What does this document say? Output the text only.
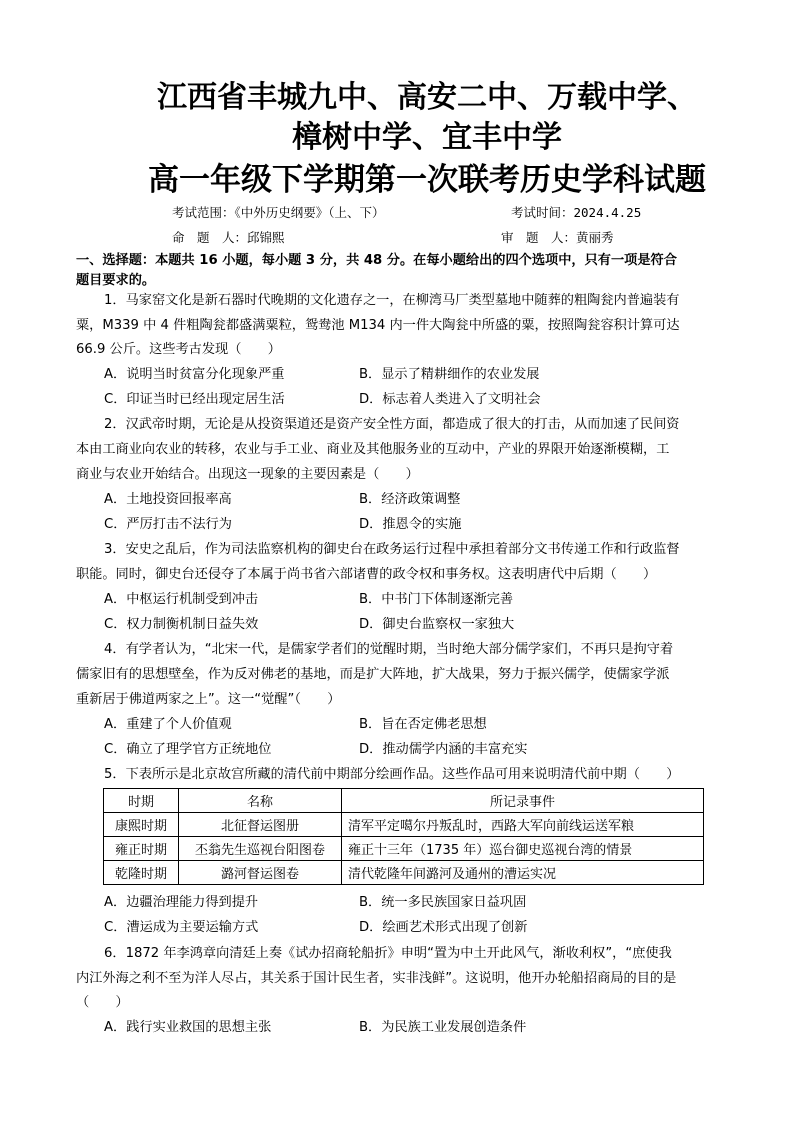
江西省丰城九中、高安二中、万载中学、
樟树中学、宜丰中学
高一年级下学期第一次联考历史学科试题
考试范围：《中外历史纲要》（上、下）	考试时间：2024.4.25
命　题　人：邱锦熙	审　题　人：黄丽秀
一、选择题：本题共 16 小题，每小题 3 分，共 48 分。在每小题给出的四个选项中，只有一项是符合
题目要求的。
1．马家窑文化是新石器时代晚期的文化遗存之一，在柳湾马厂类型墓地中随葬的粗陶瓮内普遍装有
粟，M339 中 4 件粗陶瓮都盛满粟粒，鸳鸯池 M134 内一件大陶瓮中所盛的粟，按照陶瓮容积计算可达
66.9 公斤。这些考古发现（　　）
A．说明当时贫富分化现象严重	B．显示了精耕细作的农业发展
C．印证当时已经出现定居生活	D．标志着人类进入了文明社会
2．汉武帝时期，无论是从投资渠道还是资产安全性方面，都造成了很大的打击，从而加速了民间资
本由工商业向农业的转移，农业与手工业、商业及其他服务业的互动中，产业的界限开始逐渐模糊，工
商业与农业开始结合。出现这一现象的主要因素是（　　）
A．土地投资回报率高	B．经济政策调整
C．严厉打击不法行为	D．推恩令的实施
3．安史之乱后，作为司法监察机构的御史台在政务运行过程中承担着部分文书传递工作和行政监督
职能。同时，御史台还侵夺了本属于尚书省六部诸曹的政令权和事务权。这表明唐代中后期（　　）
A．中枢运行机制受到冲击	B．中书门下体制逐渐完善
C．权力制衡机制日益失效	D．御史台监察权一家独大
4．有学者认为，“北宋一代，是儒家学者们的觉醒时期，当时绝大部分儒学家们，不再只是拘守着
儒家旧有的思想壁垒，作为反对佛老的基地，而是扩大阵地，扩大战果，努力于振兴儒学，使儒家学派
重新居于佛道两家之上”。这一“觉醒”（　　）
A．重建了个人价值观	B．旨在否定佛老思想
C．确立了理学官方正统地位	D．推动儒学内涵的丰富充实
5．下表所示是北京故宫所藏的清代前中期部分绘画作品。这些作品可用来说明清代前中期（　　）
时期	名称	所记录事件
康熙时期	北征督运图册	清军平定噶尔丹叛乱时，西路大军向前线运送军粮
雍正时期	丕翁先生巡视台阳图卷	雍正十三年（1735 年）巡台御史巡视台湾的情景
乾隆时期	潞河督运图卷	清代乾隆年间潞河及通州的漕运实况
A．边疆治理能力得到提升	B．统一多民族国家日益巩固
C．漕运成为主要运输方式	D．绘画艺术形式出现了创新
6．1872 年李鸿章向清廷上奏《试办招商轮船折》申明“置为中土开此风气，渐收利权”，“庶使我
内江外海之利不至为洋人尽占，其关系于国计民生者，实非浅鲜”。这说明，他开办轮船招商局的目的是
（　　）
A．践行实业救国的思想主张	B．为民族工业发展创造条件
